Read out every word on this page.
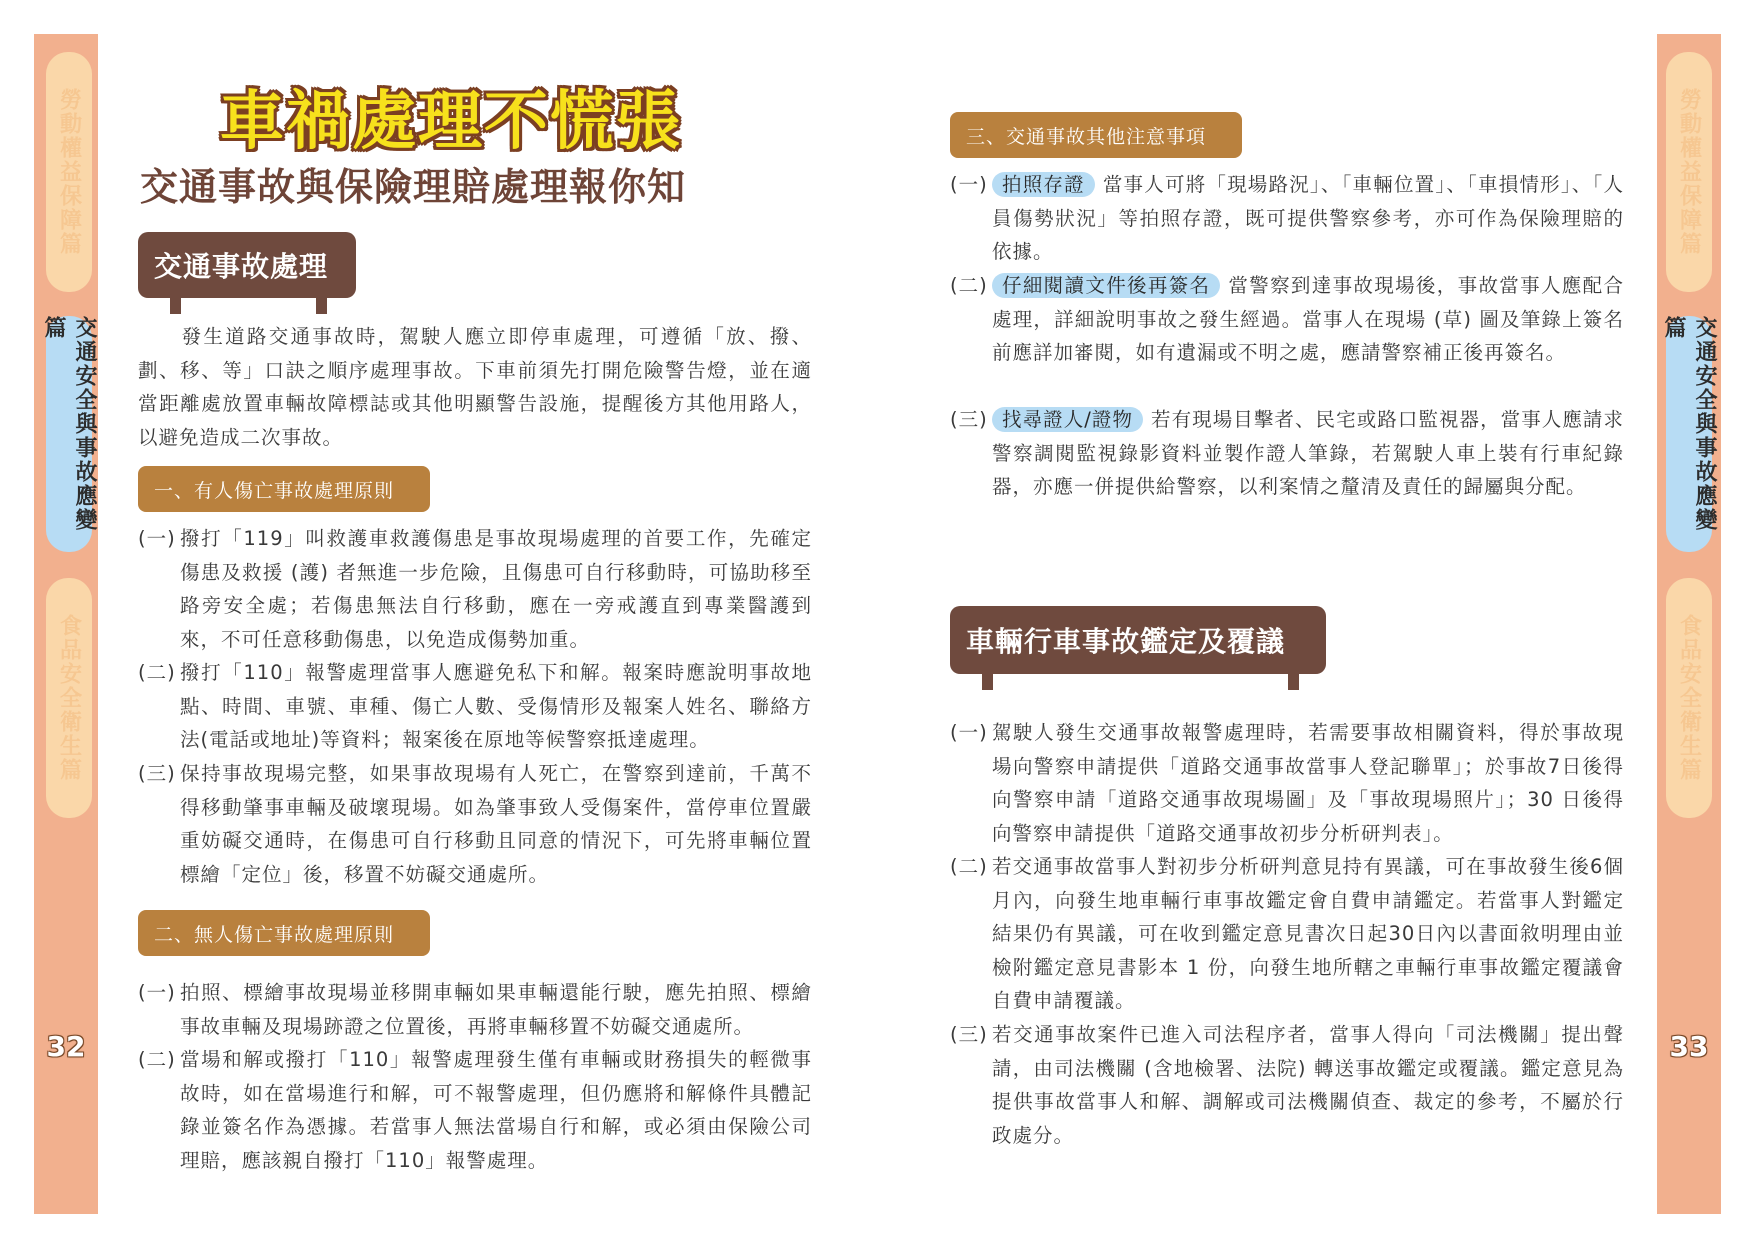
勞動權益保障篇
交通安全與事故應變篇
食品安全衛生篇
32
勞動權益保障篇
交通安全與事故應變篇
食品安全衛生篇
33
車禍處理不慌張
交通事故與保險理賠處理報你知
交通事故處理
　　發生道路交通事故時，駕駛人應立即停車處理，可遵循「放、撥、劃、移、等」口訣之順序處理事故。下車前須先打開危險警告燈，並在適當距離處放置車輛故障標誌或其他明顯警告設施，提醒後方其他用路人，以避免造成二次事故。
一、有人傷亡事故處理原則
(一) 撥打「119」叫救護車救護傷患是事故現場處理的首要工作，先確定傷患及救援 (護) 者無進一步危險，且傷患可自行移動時，可協助移至路旁安全處；若傷患無法自行移動，應在一旁戒護直到專業醫護到來，不可任意移動傷患，以免造成傷勢加重。
(二) 撥打「110」報警處理當事人應避免私下和解。報案時應說明事故地點、時間、車號、車種、傷亡人數、受傷情形及報案人姓名、聯絡方法(電話或地址)等資料；報案後在原地等候警察抵達處理。
(三) 保持事故現場完整，如果事故現場有人死亡，在警察到達前，千萬不得移動肇事車輛及破壞現場。如為肇事致人受傷案件，當停車位置嚴重妨礙交通時，在傷患可自行移動且同意的情況下，可先將車輛位置標繪「定位」後，移置不妨礙交通處所。
二、無人傷亡事故處理原則
(一) 拍照、標繪事故現場並移開車輛如果車輛還能行駛，應先拍照、標繪事故車輛及現場跡證之位置後，再將車輛移置不妨礙交通處所。
(二) 當場和解或撥打「110」報警處理發生僅有車輛或財務損失的輕微事故時，如在當場進行和解，可不報警處理，但仍應將和解條件具體記錄並簽名作為憑據。若當事人無法當場自行和解，或必須由保險公司理賠，應該親自撥打「110」報警處理。
三、交通事故其他注意事項
(一) 拍照存證 當事人可將「現場路況」、「車輛位置」、「車損情形」、「人員傷勢狀況」等拍照存證，既可提供警察參考，亦可作為保險理賠的依據。
(二) 仔細閱讀文件後再簽名 當警察到達事故現場後，事故當事人應配合處理，詳細說明事故之發生經過。當事人在現場 (草) 圖及筆錄上簽名前應詳加審閱，如有遺漏或不明之處，應請警察補正後再簽名。
(三) 找尋證人/證物 若有現場目擊者、民宅或路口監視器，當事人應請求警察調閱監視錄影資料並製作證人筆錄，若駕駛人車上裝有行車紀錄器，亦應一併提供給警察，以利案情之釐清及責任的歸屬與分配。
車輛行車事故鑑定及覆議
(一) 駕駛人發生交通事故報警處理時，若需要事故相關資料，得於事故現場向警察申請提供「道路交通事故當事人登記聯單」；於事故7日後得向警察申請「道路交通事故現場圖」及「事故現場照片」；30 日後得向警察申請提供「道路交通事故初步分析研判表」。
(二) 若交通事故當事人對初步分析研判意見持有異議，可在事故發生後6個月內，向發生地車輛行車事故鑑定會自費申請鑑定。若當事人對鑑定結果仍有異議，可在收到鑑定意見書次日起30日內以書面敘明理由並檢附鑑定意見書影本 1 份，向發生地所轄之車輛行車事故鑑定覆議會自費申請覆議。
(三) 若交通事故案件已進入司法程序者，當事人得向「司法機關」提出聲請，由司法機關 (含地檢署、法院) 轉送事故鑑定或覆議。鑑定意見為提供事故當事人和解、調解或司法機關偵查、裁定的參考，不屬於行政處分。
